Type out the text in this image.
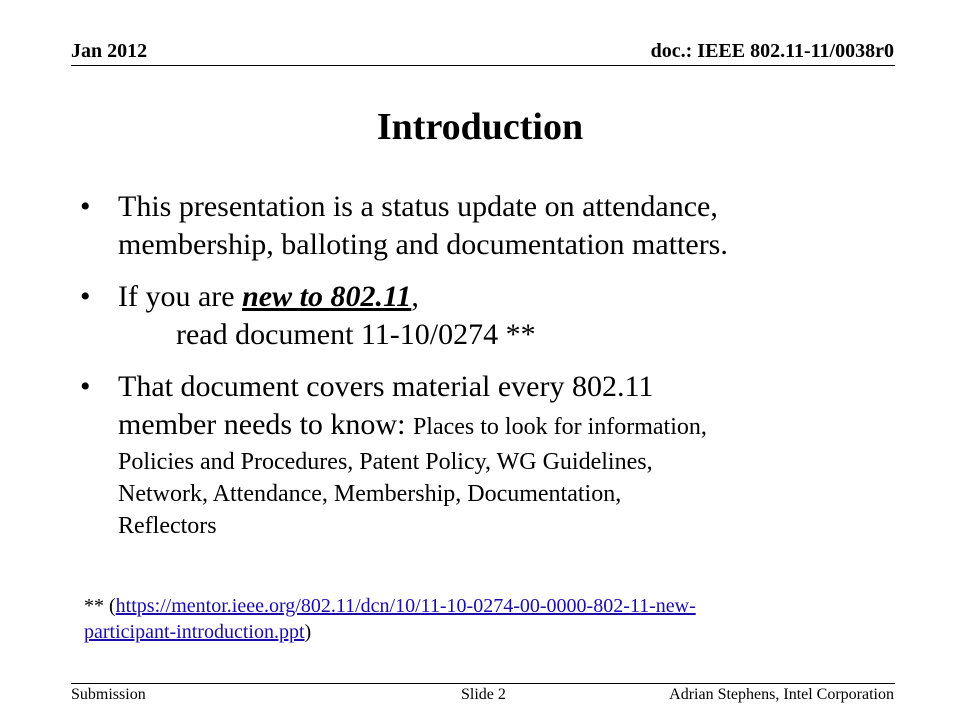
Jan 2012	doc.: IEEE 802.11-11/0038r0
Introduction
• This presentation is a status update on attendance,
membership, balloting and documentation matters.
• If you are new to 802.11,
read document 11-10/0274 **
• That document covers material every 802.11
member needs to know: Places to look for information,
Policies and Procedures, Patent Policy, WG Guidelines,
Network, Attendance, Membership, Documentation,
Reflectors
** (https://mentor.ieee.org/802.11/dcn/10/11-10-0274-00-0000-802-11-new-
participant-introduction.ppt)
Submission	Slide 2	Adrian Stephens, Intel Corporation
